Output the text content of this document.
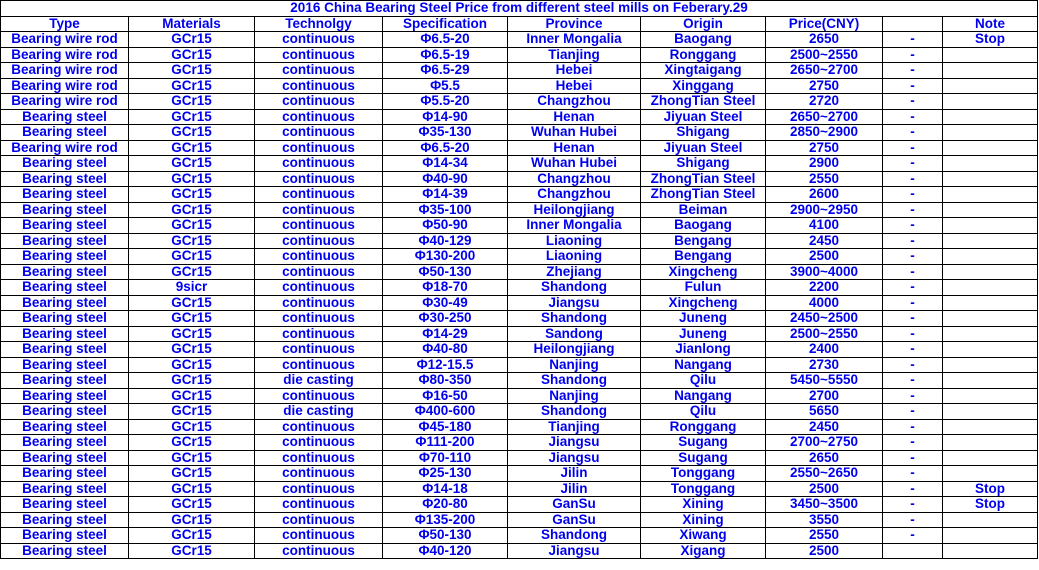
2016 China Bearing Steel Price from different steel mills on Feberary.29								
Type	Materials	Technolgy	Specification	Province	Origin	Price(CNY)		Note
Bearing wire rod	GCr15	continuous	Φ6.5-20	Inner Mongalia	Baogang	2650	-	Stop
Bearing wire rod	GCr15	continuous	Φ6.5-19	Tianjing	Ronggang	2500~2550	-	
Bearing wire rod	GCr15	continuous	Φ6.5-29	Hebei	Xingtaigang	2650~2700	-	
Bearing wire rod	GCr15	continuous	Φ5.5	Hebei	Xinggang	2750	-	
Bearing wire rod	GCr15	continuous	Φ5.5-20	Changzhou	ZhongTian Steel	2720	-	
Bearing steel	GCr15	continuous	Φ14-90	Henan	Jiyuan Steel	2650~2700	-	
Bearing steel	GCr15	continuous	Φ35-130	Wuhan Hubei	Shigang	2850~2900	-	
Bearing wire rod	GCr15	continuous	Φ6.5-20	Henan	Jiyuan Steel	2750	-	
Bearing steel	GCr15	continuous	Φ14-34	Wuhan Hubei	Shigang	2900	-	
Bearing steel	GCr15	continuous	Φ40-90	Changzhou	ZhongTian Steel	2550	-	
Bearing steel	GCr15	continuous	Φ14-39	Changzhou	ZhongTian Steel	2600	-	
Bearing steel	GCr15	continuous	Φ35-100	Heilongjiang	Beiman	2900~2950	-	
Bearing steel	GCr15	continuous	Φ50-90	Inner Mongalia	Baogang	4100	-	
Bearing steel	GCr15	continuous	Φ40-129	Liaoning	Bengang	2450	-	
Bearing steel	GCr15	continuous	Φ130-200	Liaoning	Bengang	2500	-	
Bearing steel	GCr15	continuous	Φ50-130	Zhejiang	Xingcheng	3900~4000	-	
Bearing steel	9sicr	continuous	Φ18-70	Shandong	Fulun	2200	-	
Bearing steel	GCr15	continuous	Φ30-49	Jiangsu	Xingcheng	4000	-	
Bearing steel	GCr15	continuous	Φ30-250	Shandong	Juneng	2450~2500	-	
Bearing steel	GCr15	continuous	Φ14-29	Sandong	Juneng	2500~2550	-	
Bearing steel	GCr15	continuous	Φ40-80	Heilongjiang	Jianlong	2400	-	
Bearing steel	GCr15	continuous	Φ12-15.5	Nanjing	Nangang	2730	-	
Bearing steel	GCr15	die casting	Φ80-350	Shandong	Qilu	5450~5550	-	
Bearing steel	GCr15	continuous	Φ16-50	Nanjing	Nangang	2700	-	
Bearing steel	GCr15	die casting	Φ400-600	Shandong	Qilu	5650	-	
Bearing steel	GCr15	continuous	Φ45-180	Tianjing	Ronggang	2450	-	
Bearing steel	GCr15	continuous	Φ111-200	Jiangsu	Sugang	2700~2750	-	
Bearing steel	GCr15	continuous	Φ70-110	Jiangsu	Sugang	2650	-	
Bearing steel	GCr15	continuous	Φ25-130	Jilin	Tonggang	2550~2650	-	
Bearing steel	GCr15	continuous	Φ14-18	Jilin	Tonggang	2500	-	Stop
Bearing steel	GCr15	continuous	Φ20-80	GanSu	Xining	3450~3500	-	Stop
Bearing steel	GCr15	continuous	Φ135-200	GanSu	Xining	3550	-	
Bearing steel	GCr15	continuous	Φ50-130	Shandong	Xiwang	2550	-	
Bearing steel	GCr15	continuous	Φ40-120	Jiangsu	Xigang	2500		
